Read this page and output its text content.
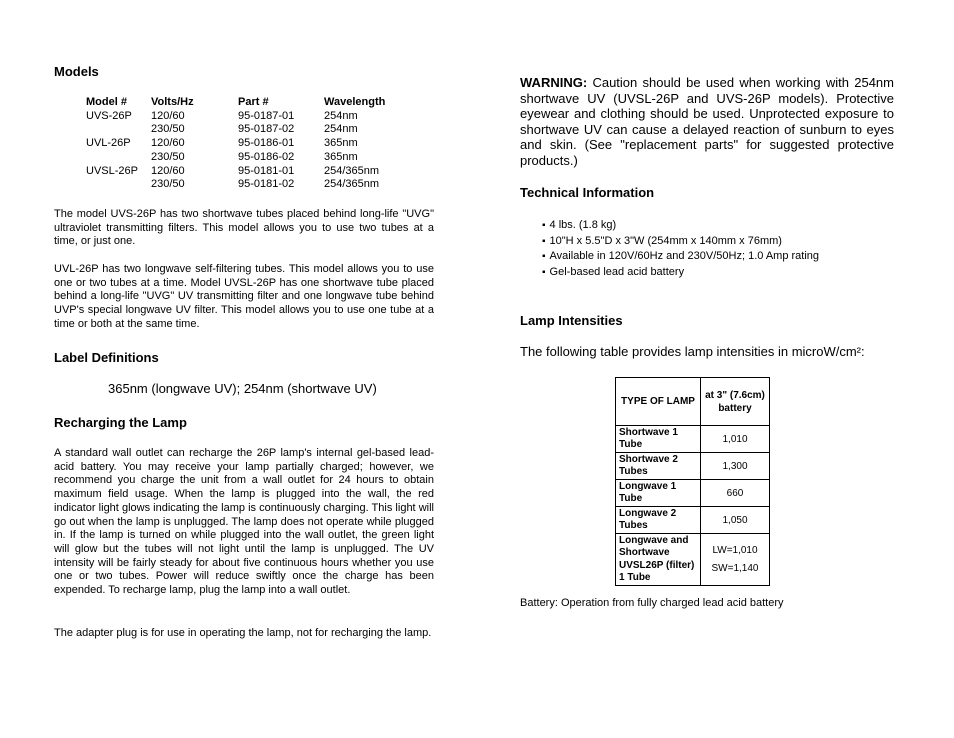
Models
Model #	Volts/Hz	Part #	Wavelength
UVS-26P	120/60	95-0187-01	254nm
	230/50	95-0187-02	254nm
UVL-26P	120/60	95-0186-01	365nm
	230/50	95-0186-02	365nm
UVSL-26P	120/60	95-0181-01	254/365nm
	230/50	95-0181-02	254/365nm

The model UVS-26P has two shortwave tubes placed behind long-life "UVG" ultraviolet transmitting filters. This model allows you to use two tubes at a time, or just one.

UVL-26P has two longwave self-filtering tubes. This model allows you to use one or two tubes at a time. Model UVSL-26P has one shortwave tube placed behind a long-life "UVG" UV transmitting filter and one longwave tube behind UVP's special longwave UV filter. This model allows you to use one tube at a time or both at the same time.

Label Definitions

365nm (longwave UV); 254nm (shortwave UV)

Recharging the Lamp

A standard wall outlet can recharge the 26P lamp's internal gel-based lead-acid battery. You may receive your lamp partially charged; however, we recommend you charge the unit from a wall outlet for 24 hours to obtain maximum field usage. When the lamp is plugged into the wall, the red indicator light glows indicating the lamp is continuously charging. This light will go out when the lamp is unplugged. The lamp does not operate while plugged in. If the lamp is turned on while plugged into the wall outlet, the green light will glow but the tubes will not light until the lamp is unplugged. The UV intensity will be fairly steady for about five continuous hours whether you use one or two tubes. Power will reduce swiftly once the charge has been expended. To recharge lamp, plug the lamp into a wall outlet.

The adapter plug is for use in operating the lamp, not for recharging the lamp.

WARNING: Caution should be used when working with 254nm shortwave UV (UVSL-26P and UVS-26P models). Protective eyewear and clothing should be used. Unprotected exposure to shortwave UV can cause a delayed reaction of sunburn to eyes and skin. (See "replacement parts" for suggested protective products.)

Technical Information
▪ 4 lbs. (1.8 kg)
▪ 10"H x 5.5"D x 3"W (254mm x 140mm x 76mm)
▪ Available in 120V/60Hz and 230V/50Hz; 1.0 Amp rating
▪ Gel-based lead acid battery
Lamp Intensities

The following table provides lamp intensities in microW/cm²:

TYPE OF LAMP	at 3" (7.6cm) battery
Shortwave 1 Tube	1,010
Shortwave 2 Tubes	1,300
Longwave 1 Tube	660
Longwave 2 Tubes	1,050
Longwave and Shortwave UVSL26P (filter) 1 Tube	LW=1,010
SW=1,140

Battery: Operation from fully charged lead acid battery
